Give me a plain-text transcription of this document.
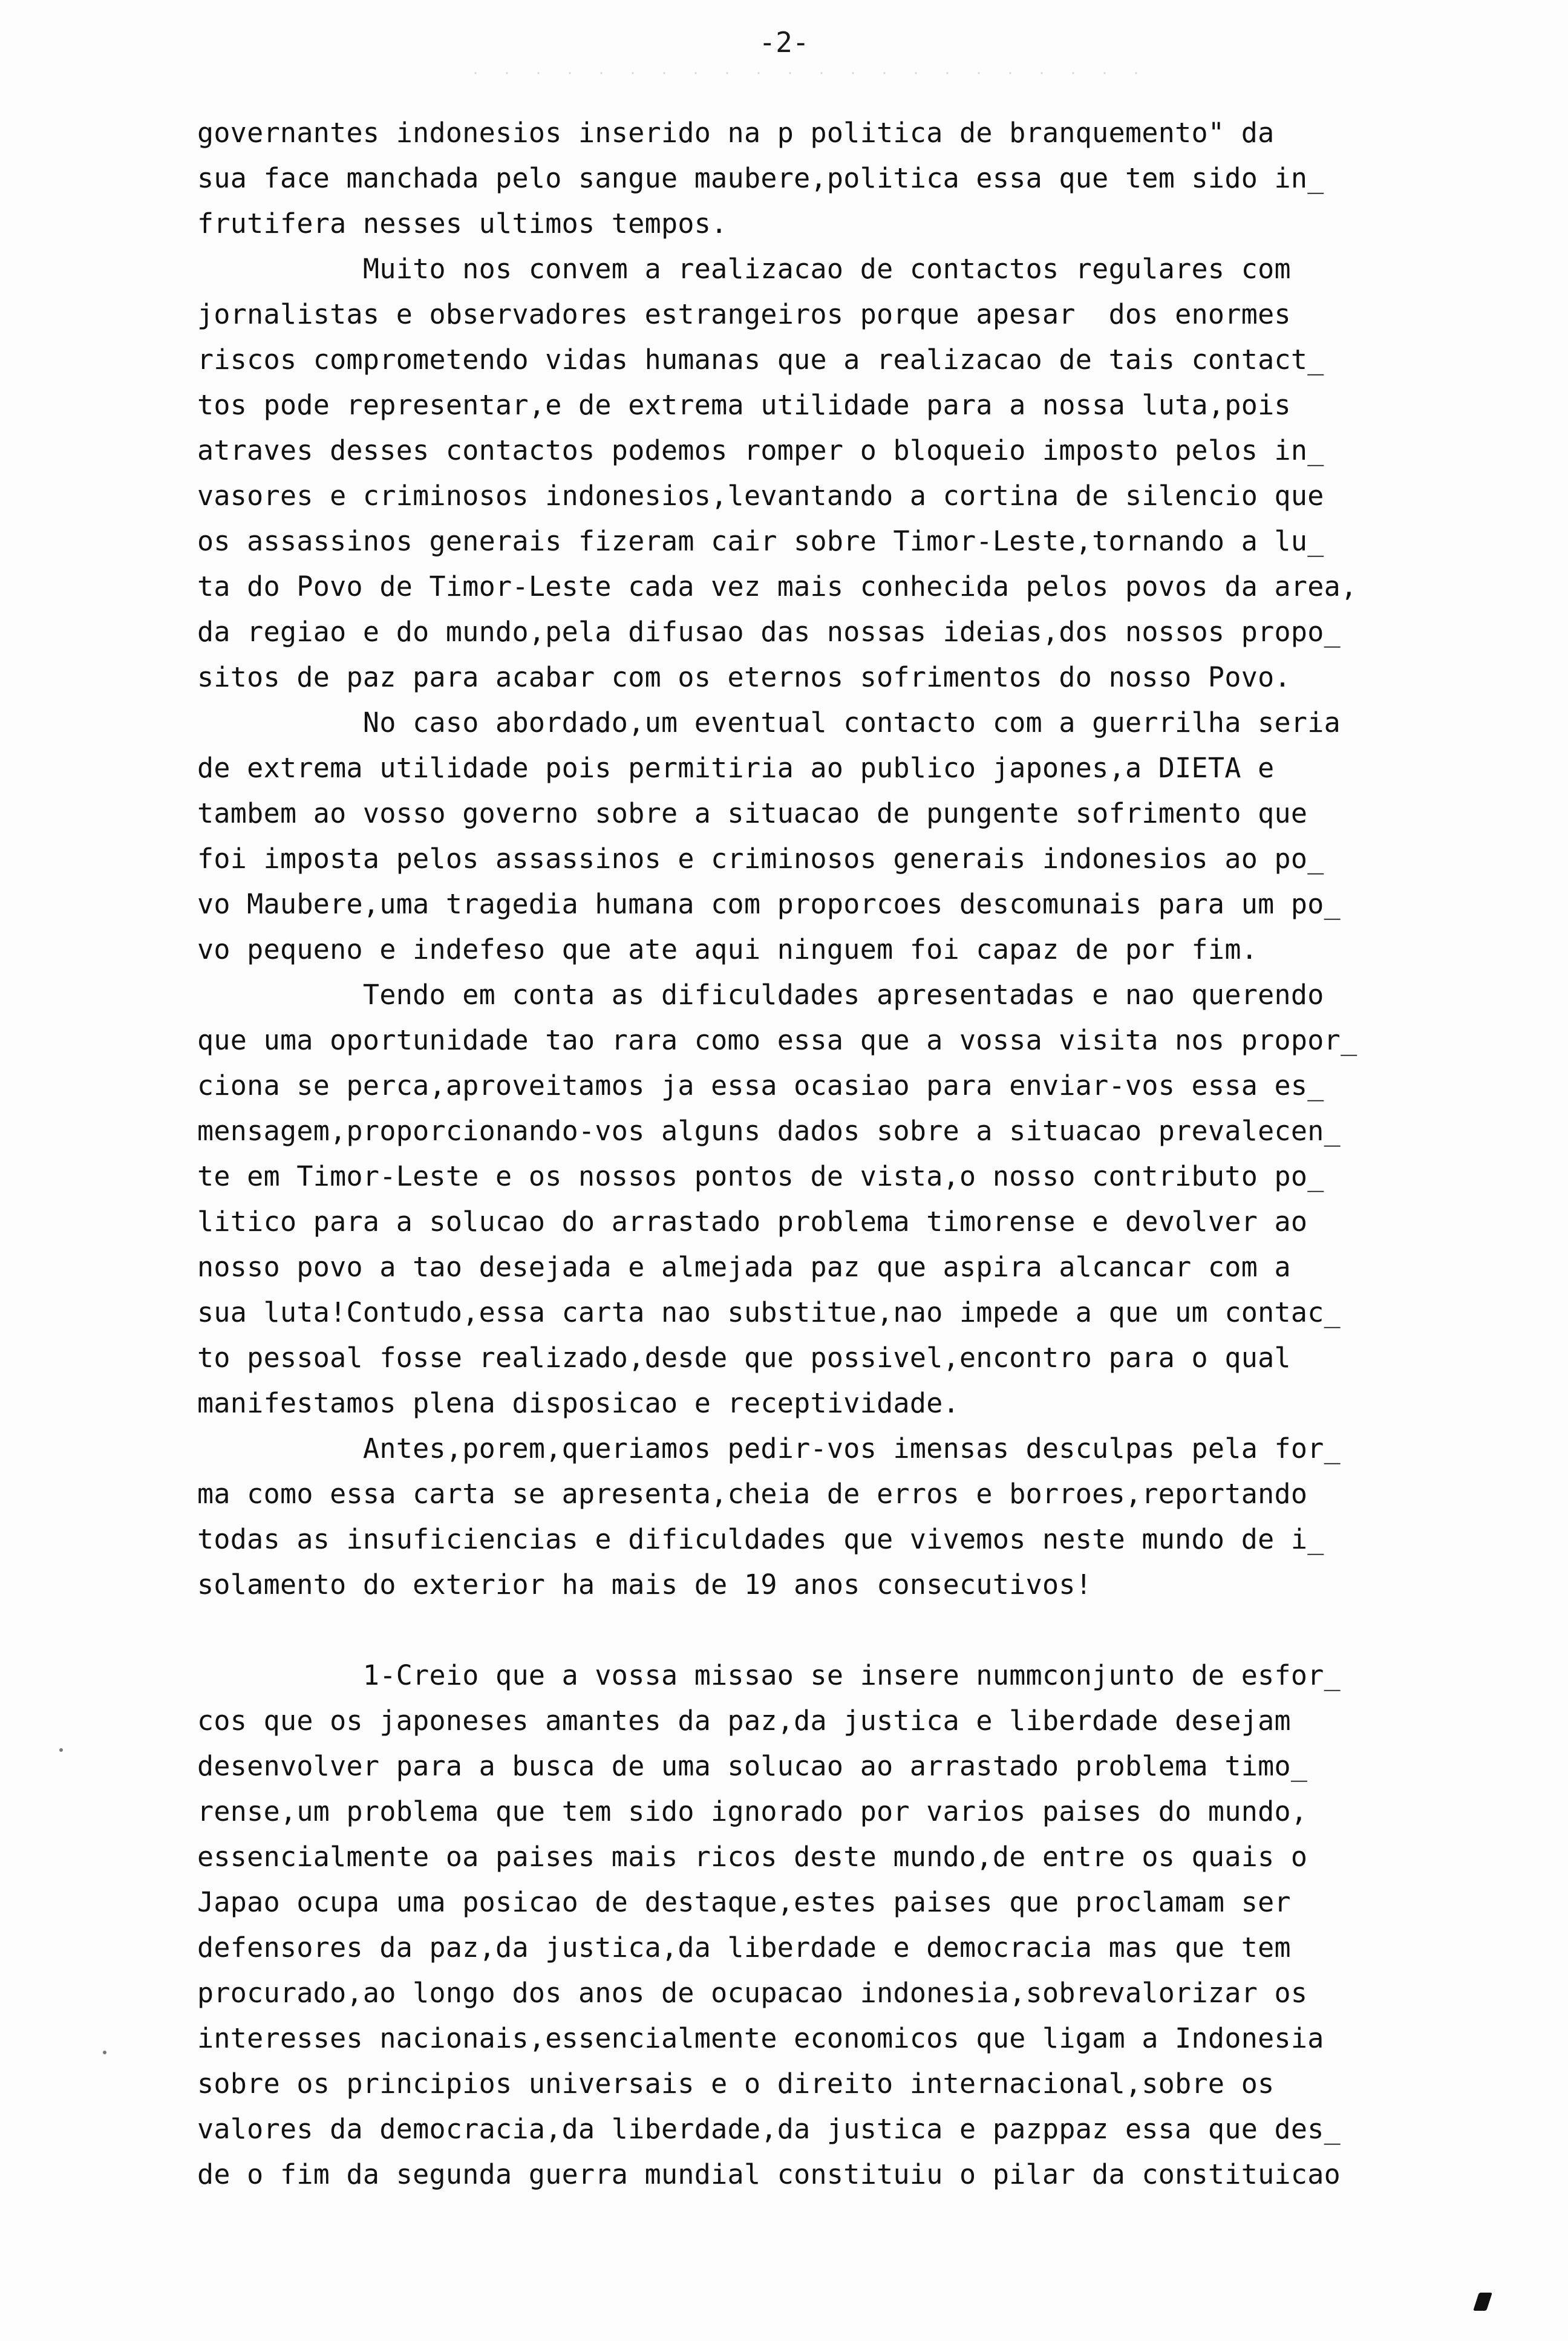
-2-
governantes indonesios inserido na p politica de branquemento" da
sua face manchada pelo sangue maubere,politica essa que tem sido in_
frutifera nesses ultimos tempos.
Muito nos convem a realizacao de contactos regulares com
jornalistas e observadores estrangeiros porque apesar  dos enormes
riscos comprometendo vidas humanas que a realizacao de tais contact_
tos pode representar,e de extrema utilidade para a nossa luta,pois
atraves desses contactos podemos romper o bloqueio imposto pelos in_
vasores e criminosos indonesios,levantando a cortina de silencio que
os assassinos generais fizeram cair sobre Timor-Leste,tornando a lu_
ta do Povo de Timor-Leste cada vez mais conhecida pelos povos da area,
da regiao e do mundo,pela difusao das nossas ideias,dos nossos propo_
sitos de paz para acabar com os eternos sofrimentos do nosso Povo.
No caso abordado,um eventual contacto com a guerrilha seria
de extrema utilidade pois permitiria ao publico japones,a DIETA e
tambem ao vosso governo sobre a situacao de pungente sofrimento que
foi imposta pelos assassinos e criminosos generais indonesios ao po_
vo Maubere,uma tragedia humana com proporcoes descomunais para um po_
vo pequeno e indefeso que ate aqui ninguem foi capaz de por fim.
Tendo em conta as dificuldades apresentadas e nao querendo
que uma oportunidade tao rara como essa que a vossa visita nos propor_
ciona se perca,aproveitamos ja essa ocasiao para enviar-vos essa es_
mensagem,proporcionando-vos alguns dados sobre a situacao prevalecen_
te em Timor-Leste e os nossos pontos de vista,o nosso contributo po_
litico para a solucao do arrastado problema timorense e devolver ao
nosso povo a tao desejada e almejada paz que aspira alcancar com a
sua luta!Contudo,essa carta nao substitue,nao impede a que um contac_
to pessoal fosse realizado,desde que possivel,encontro para o qual
manifestamos plena disposicao e receptividade.
Antes,porem,queriamos pedir-vos imensas desculpas pela for_
ma como essa carta se apresenta,cheia de erros e borroes,reportando
todas as insuficiencias e dificuldades que vivemos neste mundo de i_
solamento do exterior ha mais de 19 anos consecutivos!
1-Creio que a vossa missao se insere nummconjunto de esfor_
cos que os japoneses amantes da paz,da justica e liberdade desejam
desenvolver para a busca de uma solucao ao arrastado problema timo_
rense,um problema que tem sido ignorado por varios paises do mundo,
essencialmente oa paises mais ricos deste mundo,de entre os quais o
Japao ocupa uma posicao de destaque,estes paises que proclamam ser
defensores da paz,da justica,da liberdade e democracia mas que tem
procurado,ao longo dos anos de ocupacao indonesia,sobrevalorizar os
interesses nacionais,essencialmente economicos que ligam a Indonesia
sobre os principios universais e o direito internacional,sobre os
valores da democracia,da liberdade,da justica e pazppaz essa que des_
de o fim da segunda guerra mundial constituiu o pilar da constituicao
